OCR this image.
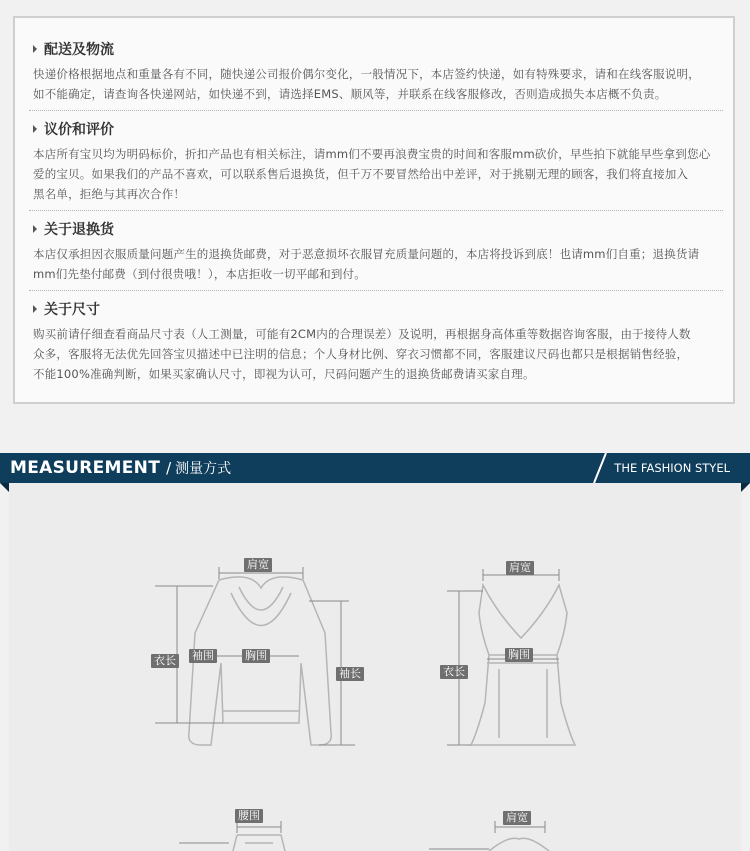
配送及物流
快递价格根据地点和重量各有不同，随快递公司报价偶尔变化，一般情况下，本店签约快递，如有特殊要求，请和在线客服说明，
如不能确定，请查询各快递网站，如快递不到，请选择EMS、顺风等，并联系在线客服修改，否则造成损失本店概不负责。
议价和评价
本店所有宝贝均为明码标价，折扣产品也有相关标注，请mm们不要再浪费宝贵的时间和客服mm砍价，早些拍下就能早些拿到您心
爱的宝贝。如果我们的产品不喜欢，可以联系售后退换货，但千万不要冒然给出中差评，对于挑剔无理的顾客，我们将直接加入
黑名单，拒绝与其再次合作！
关于退换货
本店仅承担因衣服质量问题产生的退换货邮费，对于恶意损坏衣服冒充质量问题的，本店将投诉到底！也请mm们自重；退换货请
mm们先垫付邮费（到付很贵哦！），本店拒收一切平邮和到付。
关于尺寸
购买前请仔细查看商品尺寸表（人工测量，可能有2CM内的合理误差）及说明，再根据身高体重等数据咨询客服，由于接待人数
众多，客服将无法优先回答宝贝描述中已注明的信息；个人身材比例、穿衣习惯都不同，客服建议尺码也都只是根据销售经验，
不能100%准确判断，如果买家确认尺寸，即视为认可，尺码问题产生的退换货邮费请买家自理。
MEASUREMENT / 测量方式	THE FASHION STYEL
肩宽
衣长 袖围	胸围
袖长
肩宽
胸围
衣长
腰围	肩宽
